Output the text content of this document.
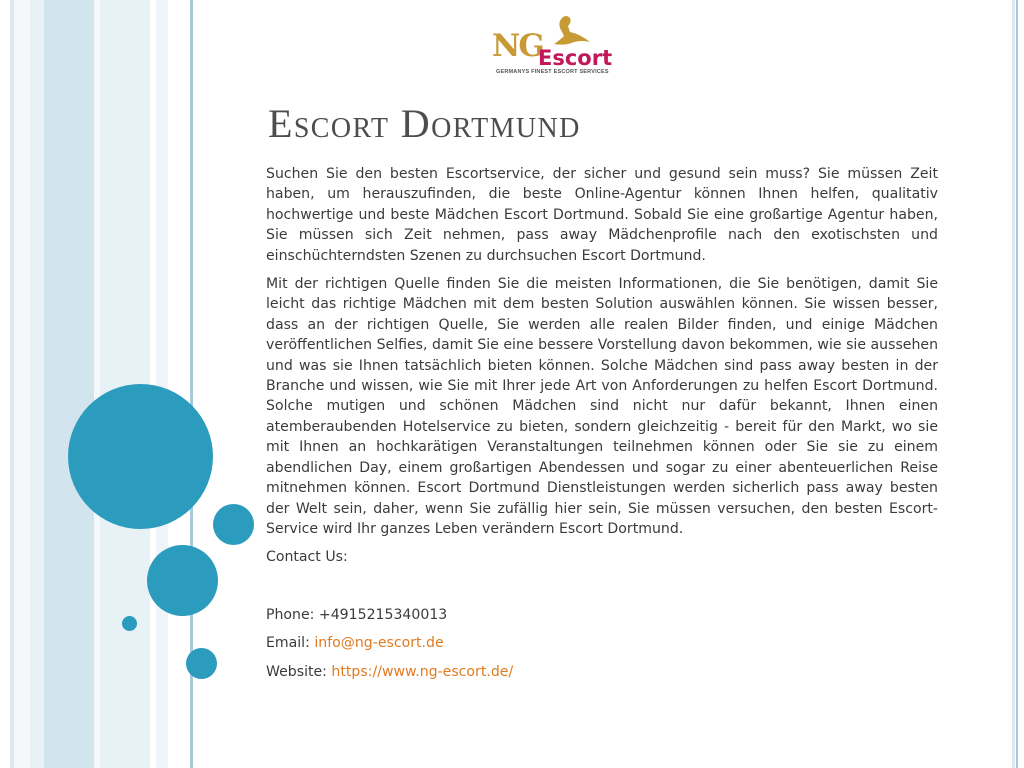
NG
Escort
GERMANYS FINEST ESCORT SERVICES
Escort Dortmund

Suchen Sie den besten Escortservice, der sicher und gesund sein muss? Sie müssen Zeit haben, um herauszufinden, die beste Online-Agentur können Ihnen helfen, qualitativ hochwertige und beste Mädchen Escort Dortmund. Sobald Sie eine großartige Agentur haben, Sie müssen sich Zeit nehmen, pass away Mädchenprofile nach den exotischsten und einschüchterndsten Szenen zu durchsuchen Escort Dortmund.

Mit der richtigen Quelle finden Sie die meisten Informationen, die Sie benötigen, damit Sie leicht das richtige Mädchen mit dem besten Solution auswählen können. Sie wissen besser, dass an der richtigen Quelle, Sie werden alle realen Bilder finden, und einige Mädchen veröffentlichen Selfies, damit Sie eine bessere Vorstellung davon bekommen, wie sie aussehen und was sie Ihnen tatsächlich bieten können. Solche Mädchen sind pass away besten in der Branche und wissen, wie Sie mit Ihrer jede Art von Anforderungen zu helfen Escort Dortmund. Solche mutigen und schönen Mädchen sind nicht nur dafür bekannt, Ihnen einen atemberaubenden Hotelservice zu bieten, sondern gleichzeitig - bereit für den Markt, wo sie mit Ihnen an hochkarätigen Veranstaltungen teilnehmen können oder Sie sie zu einem abendlichen Day, einem großartigen Abendessen und sogar zu einer abenteuerlichen Reise mitnehmen können. Escort Dortmund Dienstleistungen werden sicherlich pass away besten der Welt sein, daher, wenn Sie zufällig hier sein, Sie müssen versuchen, den besten Escort-Service wird Ihr ganzes Leben verändern Escort Dortmund.

Contact Us:

Phone: +4915215340013

Email: info@ng-escort.de

Website: https://www.ng-escort.de/
